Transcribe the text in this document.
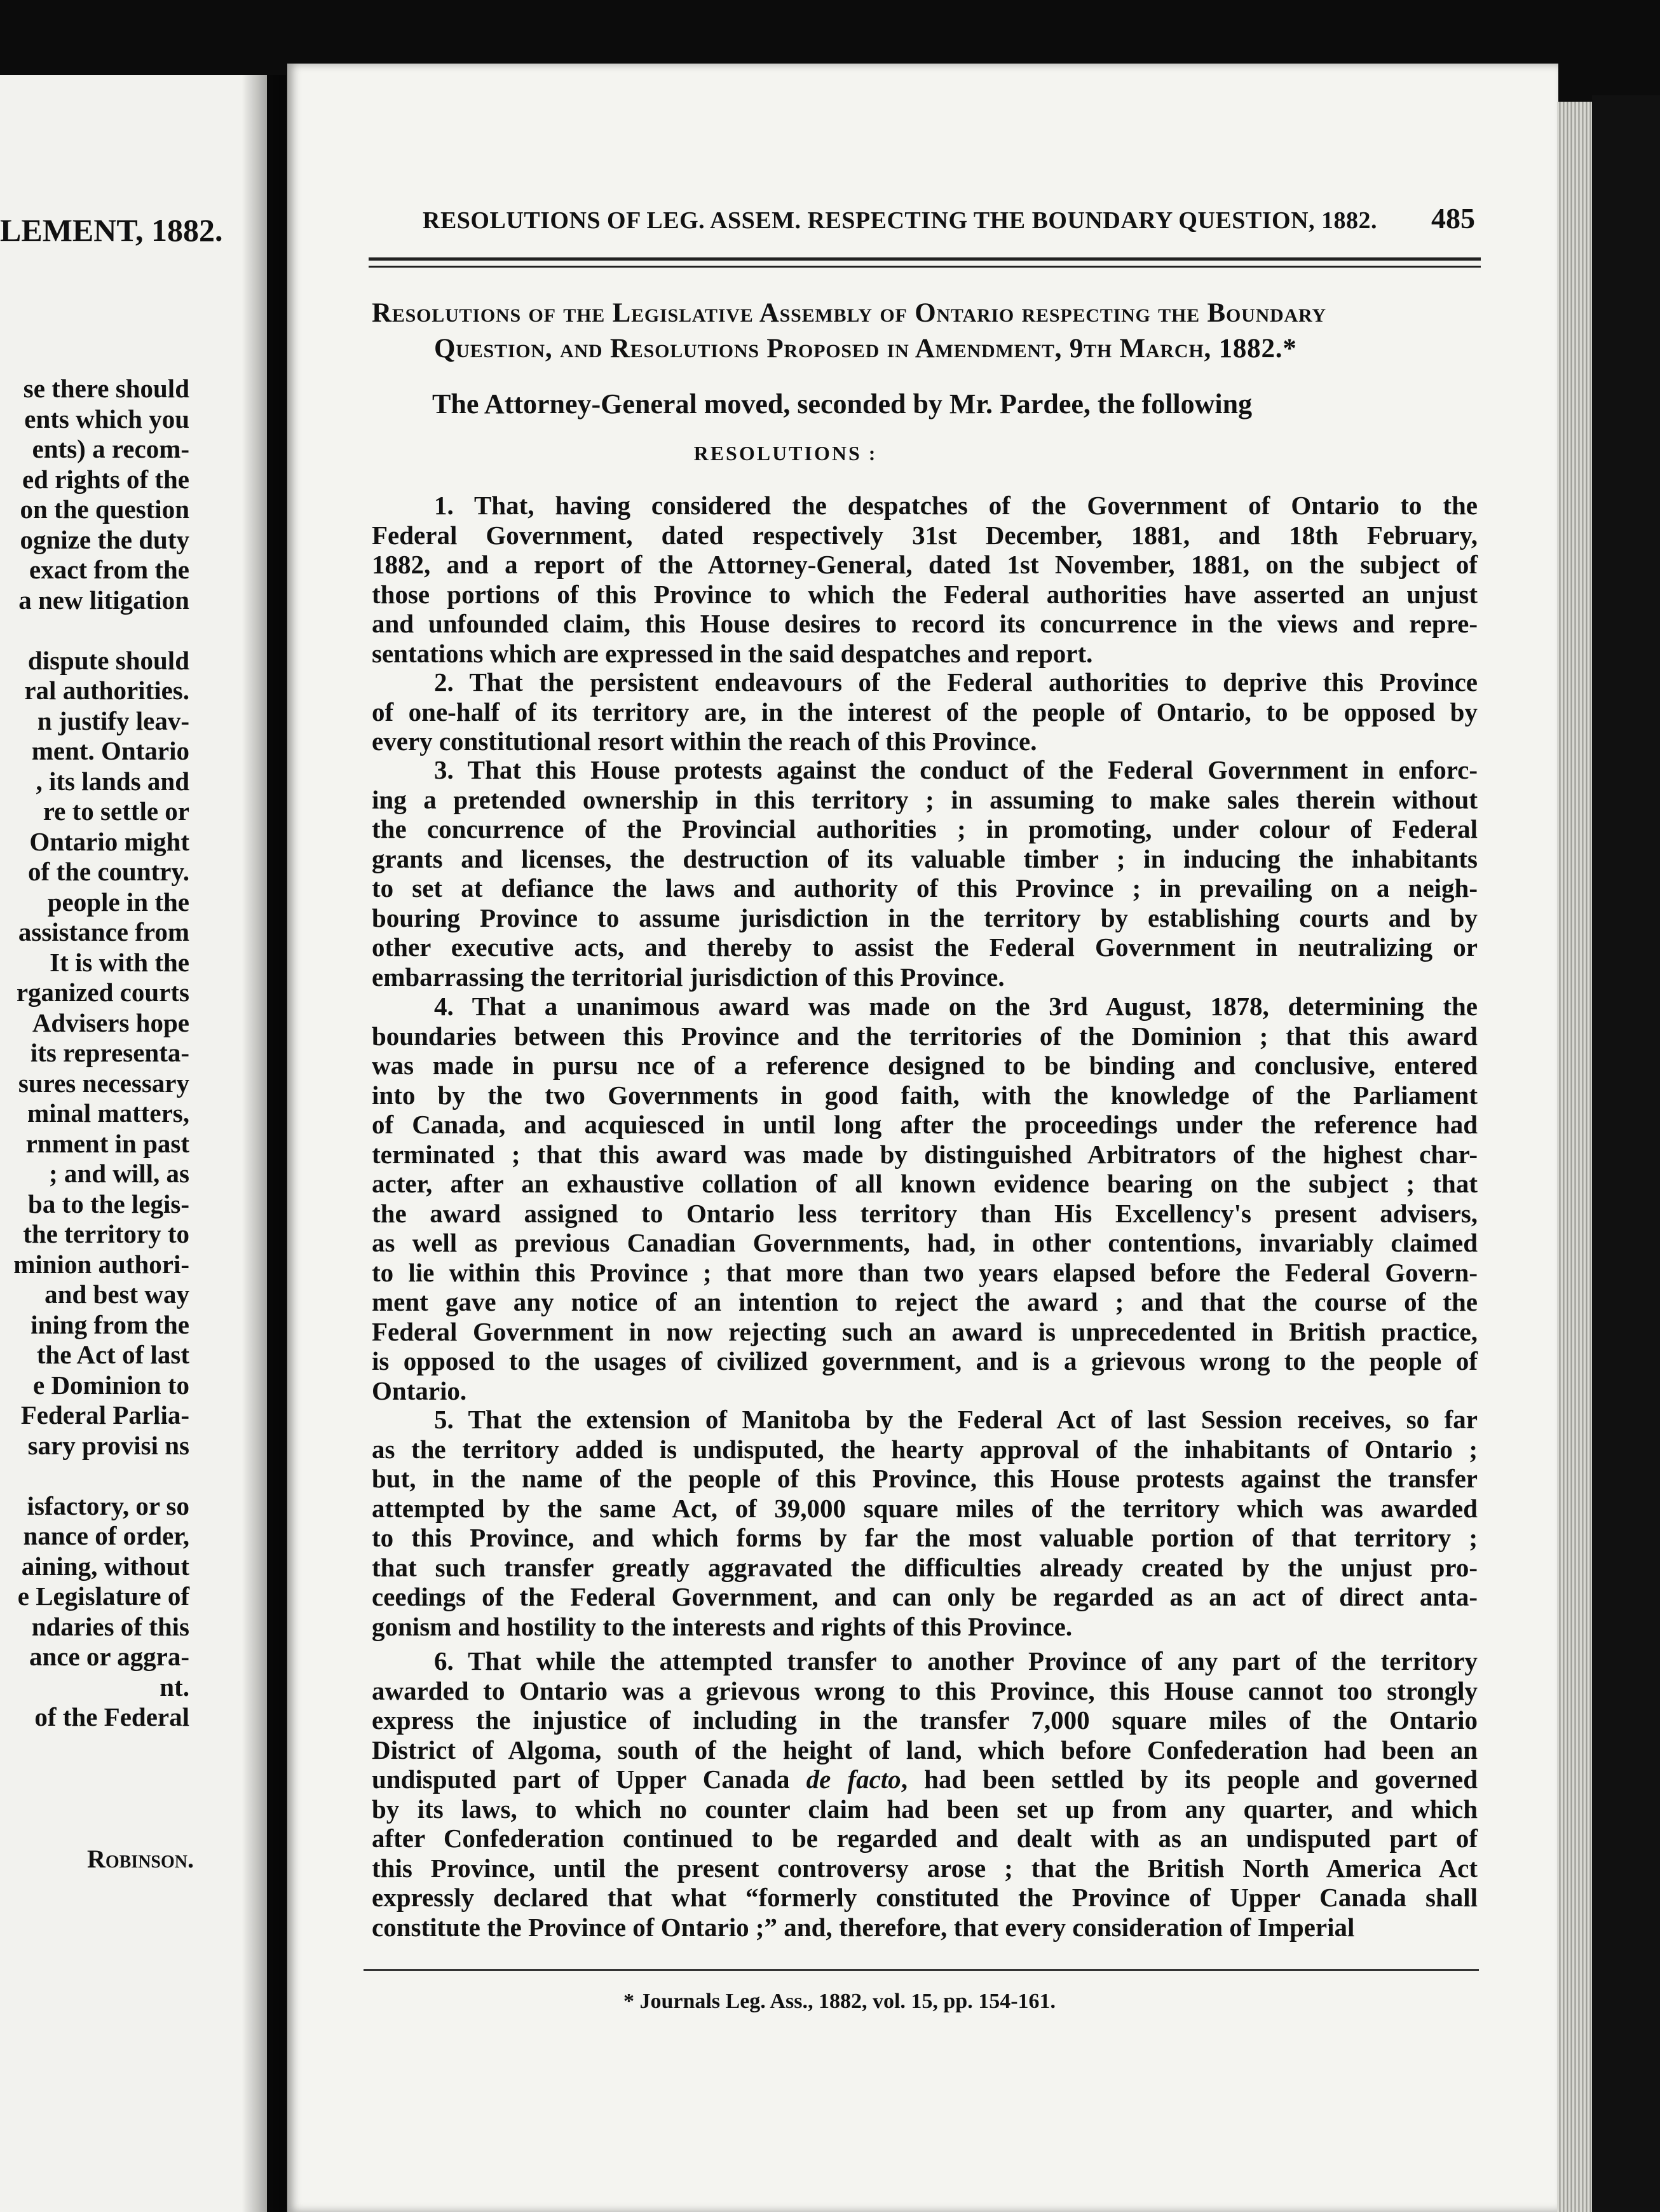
LEMENT, 1882.
se there should
ents which you
ents) a recom-
ed rights of the
on the question
ognize the duty
exact from the
a new litigation

dispute should
ral authorities.
n justify leav-
ment. Ontario
, its lands and
re to settle or
Ontario might
of the country.
people in the
assistance from
It is with the
rganized courts
Advisers hope
its representa-
sures necessary
minal matters,
rnment in past
; and will, as
ba to the legis-
the territory to
minion authori-
and best way
ining from the
the Act of last
e Dominion to
Federal Parlia-
sary provisi ns

isfactory, or so
nance of order,
aining, without
e Legislature of
ndaries of this
ance or aggra-
nt.
of the Federal
Robinson.
RESOLUTIONS OF LEG. ASSEM. RESPECTING THE BOUNDARY QUESTION, 1882.	485
Resolutions of the Legislative Assembly of Ontario respecting the Boundary
Question, and Resolutions Proposed in Amendment, 9th March, 1882.*
The Attorney-General moved, seconded by Mr. Pardee, the following
RESOLUTIONS :
1. That, having considered the despatches of the Government of Ontario to the
Federal Government, dated respectively 31st December, 1881, and 18th February,
1882, and a report of the Attorney-General, dated 1st November, 1881, on the subject of
those portions of this Province to which the Federal authorities have asserted an unjust
and unfounded claim, this House desires to record its concurrence in the views and repre-
sentations which are expressed in the said despatches and report.
2. That the persistent endeavours of the Federal authorities to deprive this Province
of one-half of its territory are, in the interest of the people of Ontario, to be opposed by
every constitutional resort within the reach of this Province.
3. That this House protests against the conduct of the Federal Government in enforc-
ing a pretended ownership in this territory ; in assuming to make sales therein without
the concurrence of the Provincial authorities ; in promoting, under colour of Federal
grants and licenses, the destruction of its valuable timber ; in inducing the inhabitants
to set at defiance the laws and authority of this Province ; in prevailing on a neigh-
bouring Province to assume jurisdiction in the territory by establishing courts and by
other executive acts, and thereby to assist the Federal Government in neutralizing or
embarrassing the territorial jurisdiction of this Province.
4. That a unanimous award was made on the 3rd August, 1878, determining the
boundaries between this Province and the territories of the Dominion ; that this award
was made in pursu nce of a reference designed to be binding and conclusive, entered
into by the two Governments in good faith, with the knowledge of the Parliament
of Canada, and acquiesced in until long after the proceedings under the reference had
terminated ; that this award was made by distinguished Arbitrators of the highest char-
acter, after an exhaustive collation of all known evidence bearing on the subject ; that
the award assigned to Ontario less territory than His Excellency's present advisers,
as well as previous Canadian Governments, had, in other contentions, invariably claimed
to lie within this Province ; that more than two years elapsed before the Federal Govern-
ment gave any notice of an intention to reject the award ; and that the course of the
Federal Government in now rejecting such an award is unprecedented in British practice,
is opposed to the usages of civilized government, and is a grievous wrong to the people of
Ontario.
5. That the extension of Manitoba by the Federal Act of last Session receives, so far
as the territory added is undisputed, the hearty approval of the inhabitants of Ontario ;
but, in the name of the people of this Province, this House protests against the transfer
attempted by the same Act, of 39,000 square miles of the territory which was awarded
to this Province, and which forms by far the most valuable portion of that territory ;
that such transfer greatly aggravated the difficulties already created by the unjust pro-
ceedings of the Federal Government, and can only be regarded as an act of direct anta-
gonism and hostility to the interests and rights of this Province.
6. That while the attempted transfer to another Province of any part of the territory
awarded to Ontario was a grievous wrong to this Province, this House cannot too strongly
express the injustice of including in the transfer 7,000 square miles of the Ontario
District of Algoma, south of the height of land, which before Confederation had been an
undisputed part of Upper Canada de facto, had been settled by its people and governed
by its laws, to which no counter claim had been set up from any quarter, and which
after Confederation continued to be regarded and dealt with as an undisputed part of
this Province, until the present controversy arose ; that the British North America Act
expressly declared that what “formerly constituted the Province of Upper Canada shall
constitute the Province of Ontario ;” and, therefore, that every consideration of Imperial
* Journals Leg. Ass., 1882, vol. 15, pp. 154-161.
